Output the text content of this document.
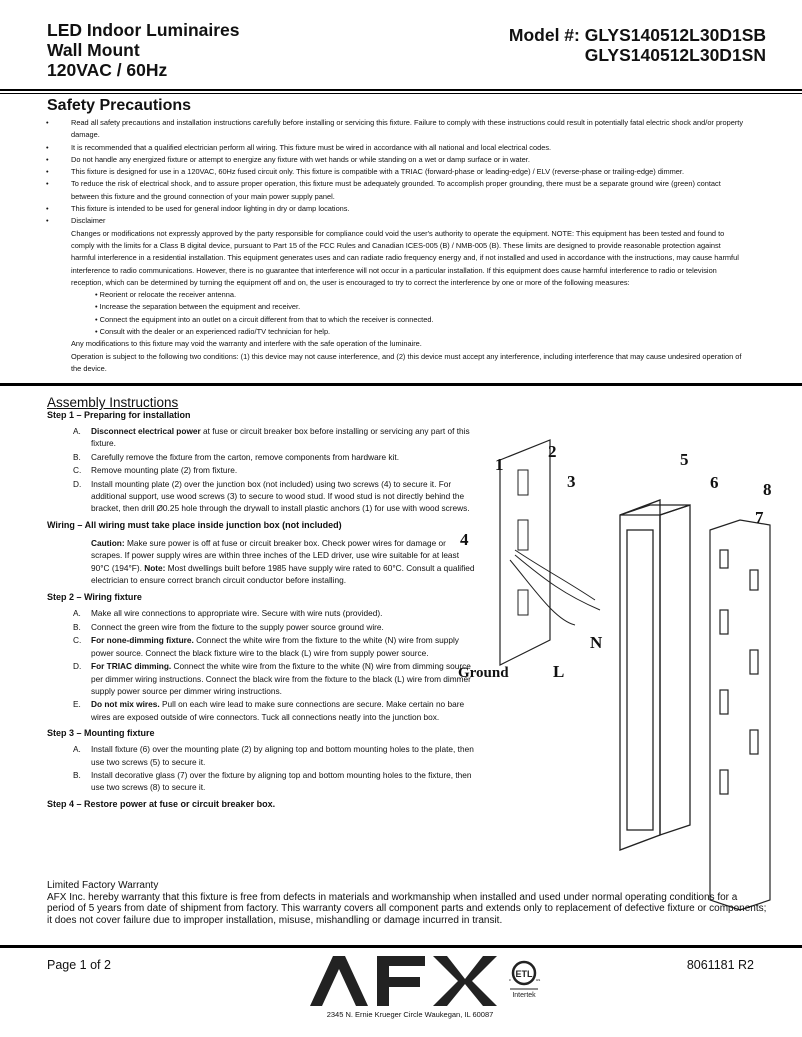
LED Indoor Luminaires
Wall Mount
120VAC / 60Hz
Model #: GLYS140512L30D1SB
GLYS140512L30D1SN
Safety Precautions
• Read all safety precautions and installation instructions carefully before installing or servicing this fixture. Failure to comply with these instructions could result in potentially fatal electric shock and/or property damage.
• It is recommended that a qualified electrician perform all wiring. This fixture must be wired in accordance with all national and local electrical codes.
• Do not handle any energized fixture or attempt to energize any fixture with wet hands or while standing on a wet or damp surface or in water.
• This fixture is designed for use in a 120VAC, 60Hz fused circuit only. This fixture is compatible with a TRIAC (forward-phase or leading-edge) / ELV (reverse-phase or trailing-edge) dimmer.
• To reduce the risk of electrical shock, and to assure proper operation, this fixture must be adequately grounded. To accomplish proper grounding, there must be a separate ground wire (green) contact between this fixture and the ground connection of your main power supply panel.
• This fixture is intended to be used for general indoor lighting in dry or damp locations.
• Disclaimer
Changes or modifications not expressly approved by the party responsible for compliance could void the user's authority to operate the equipment. NOTE: This equipment has been tested and found to comply with the limits for a Class B digital device, pursuant to Part 15 of the FCC Rules and Canadian ICES-005 (B) / NMB-005 (B). These limits are designed to provide reasonable protection against harmful interference in a residential installation. This equipment generates uses and can radiate radio frequency energy and, if not installed and used in accordance with the instructions, may cause harmful interference to radio communications. However, there is no guarantee that interference will not occur in a particular installation. If this equipment does cause harmful interference to radio or television reception, which can be determined by turning the equipment off and on, the user is encouraged to try to correct the interference by one or more of the following measures:
• Reorient or relocate the receiver antenna.
• Increase the separation between the equipment and receiver.
• Connect the equipment into an outlet on a circuit different from that to which the receiver is connected.
• Consult with the dealer or an experienced radio/TV technician for help.
Any modifications to this fixture may void the warranty and interfere with the safe operation of the luminaire.
Operation is subject to the following two conditions: (1) this device may not cause interference, and (2) this device must accept any interference, including interference that may cause undesired operation of the device.
Assembly Instructions
Step 1 – Preparing for installation
A. Disconnect electrical power at fuse or circuit breaker box before installing or servicing any part of this fixture.
B. Carefully remove the fixture from the carton, remove components from hardware kit.
C. Remove mounting plate (2) from fixture.
D. Install mounting plate (2) over the junction box (not included) using two screws (4) to secure it. For additional support, use wood screws (3) to secure to wood stud. If wood stud is not directly behind the bracket, then drill Ø0.25 hole through the drywall to install plastic anchors (1) for use with wood screws.
Wiring – All wiring must take place inside junction box (not included)
Caution: Make sure power is off at fuse or circuit breaker box. Check power wires for damage or scrapes. If power supply wires are within three inches of the LED driver, use wire suitable for at least 90°C (194°F). Note: Most dwellings built before 1985 have supply wire rated to 60°C. Consult a qualified electrician to ensure correct branch circuit conductor before installing.
Step 2 – Wiring fixture
A. Make all wire connections to appropriate wire. Secure with wire nuts (provided).
B. Connect the green wire from the fixture to the supply power source ground wire.
C. For none-dimming fixture. Connect the white wire from the fixture to the white (N) wire from supply power source. Connect the black fixture wire to the black (L) wire from supply power source.
D. For TRIAC dimming. Connect the white wire from the fixture to the white (N) wire from dimming source per dimmer wiring instructions. Connect the black wire from the fixture to the black (L) wire from dimmer supply power source per dimmer wiring instructions.
E. Do not mix wires. Pull on each wire lead to make sure connections are secure. Make certain no bare wires are exposed outside of wire connectors. Tuck all connections neatly into the junction box.
Step 3 – Mounting fixture
A. Install fixture (6) over the mounting plate (2) by aligning top and bottom mounting holes to the plate, then use two screws (5) to secure it.
B. Install decorative glass (7) over the fixture by aligning top and bottom mounting holes to the fixture, then use two screws (8) to secure it.
Step 4 – Restore power at fuse or circuit breaker box.
1
2
3
4
5
6	8
7
N
L
Ground
Limited Factory Warranty
AFX Inc. hereby warranty that this fixture is free from defects in materials and workmanship when installed and used under normal operating conditions for a period of 5 years from date of shipment from factory. This warranty covers all component parts and extends only to replacement of defective fixture or components; it does not cover failure due to improper installation, misuse, mishandling or damage incurred in transit.
Page 1 of 2	8061181 R2
ETL
c	us
Intertek
2345 N. Ernie Krueger Circle Waukegan, IL 60087
